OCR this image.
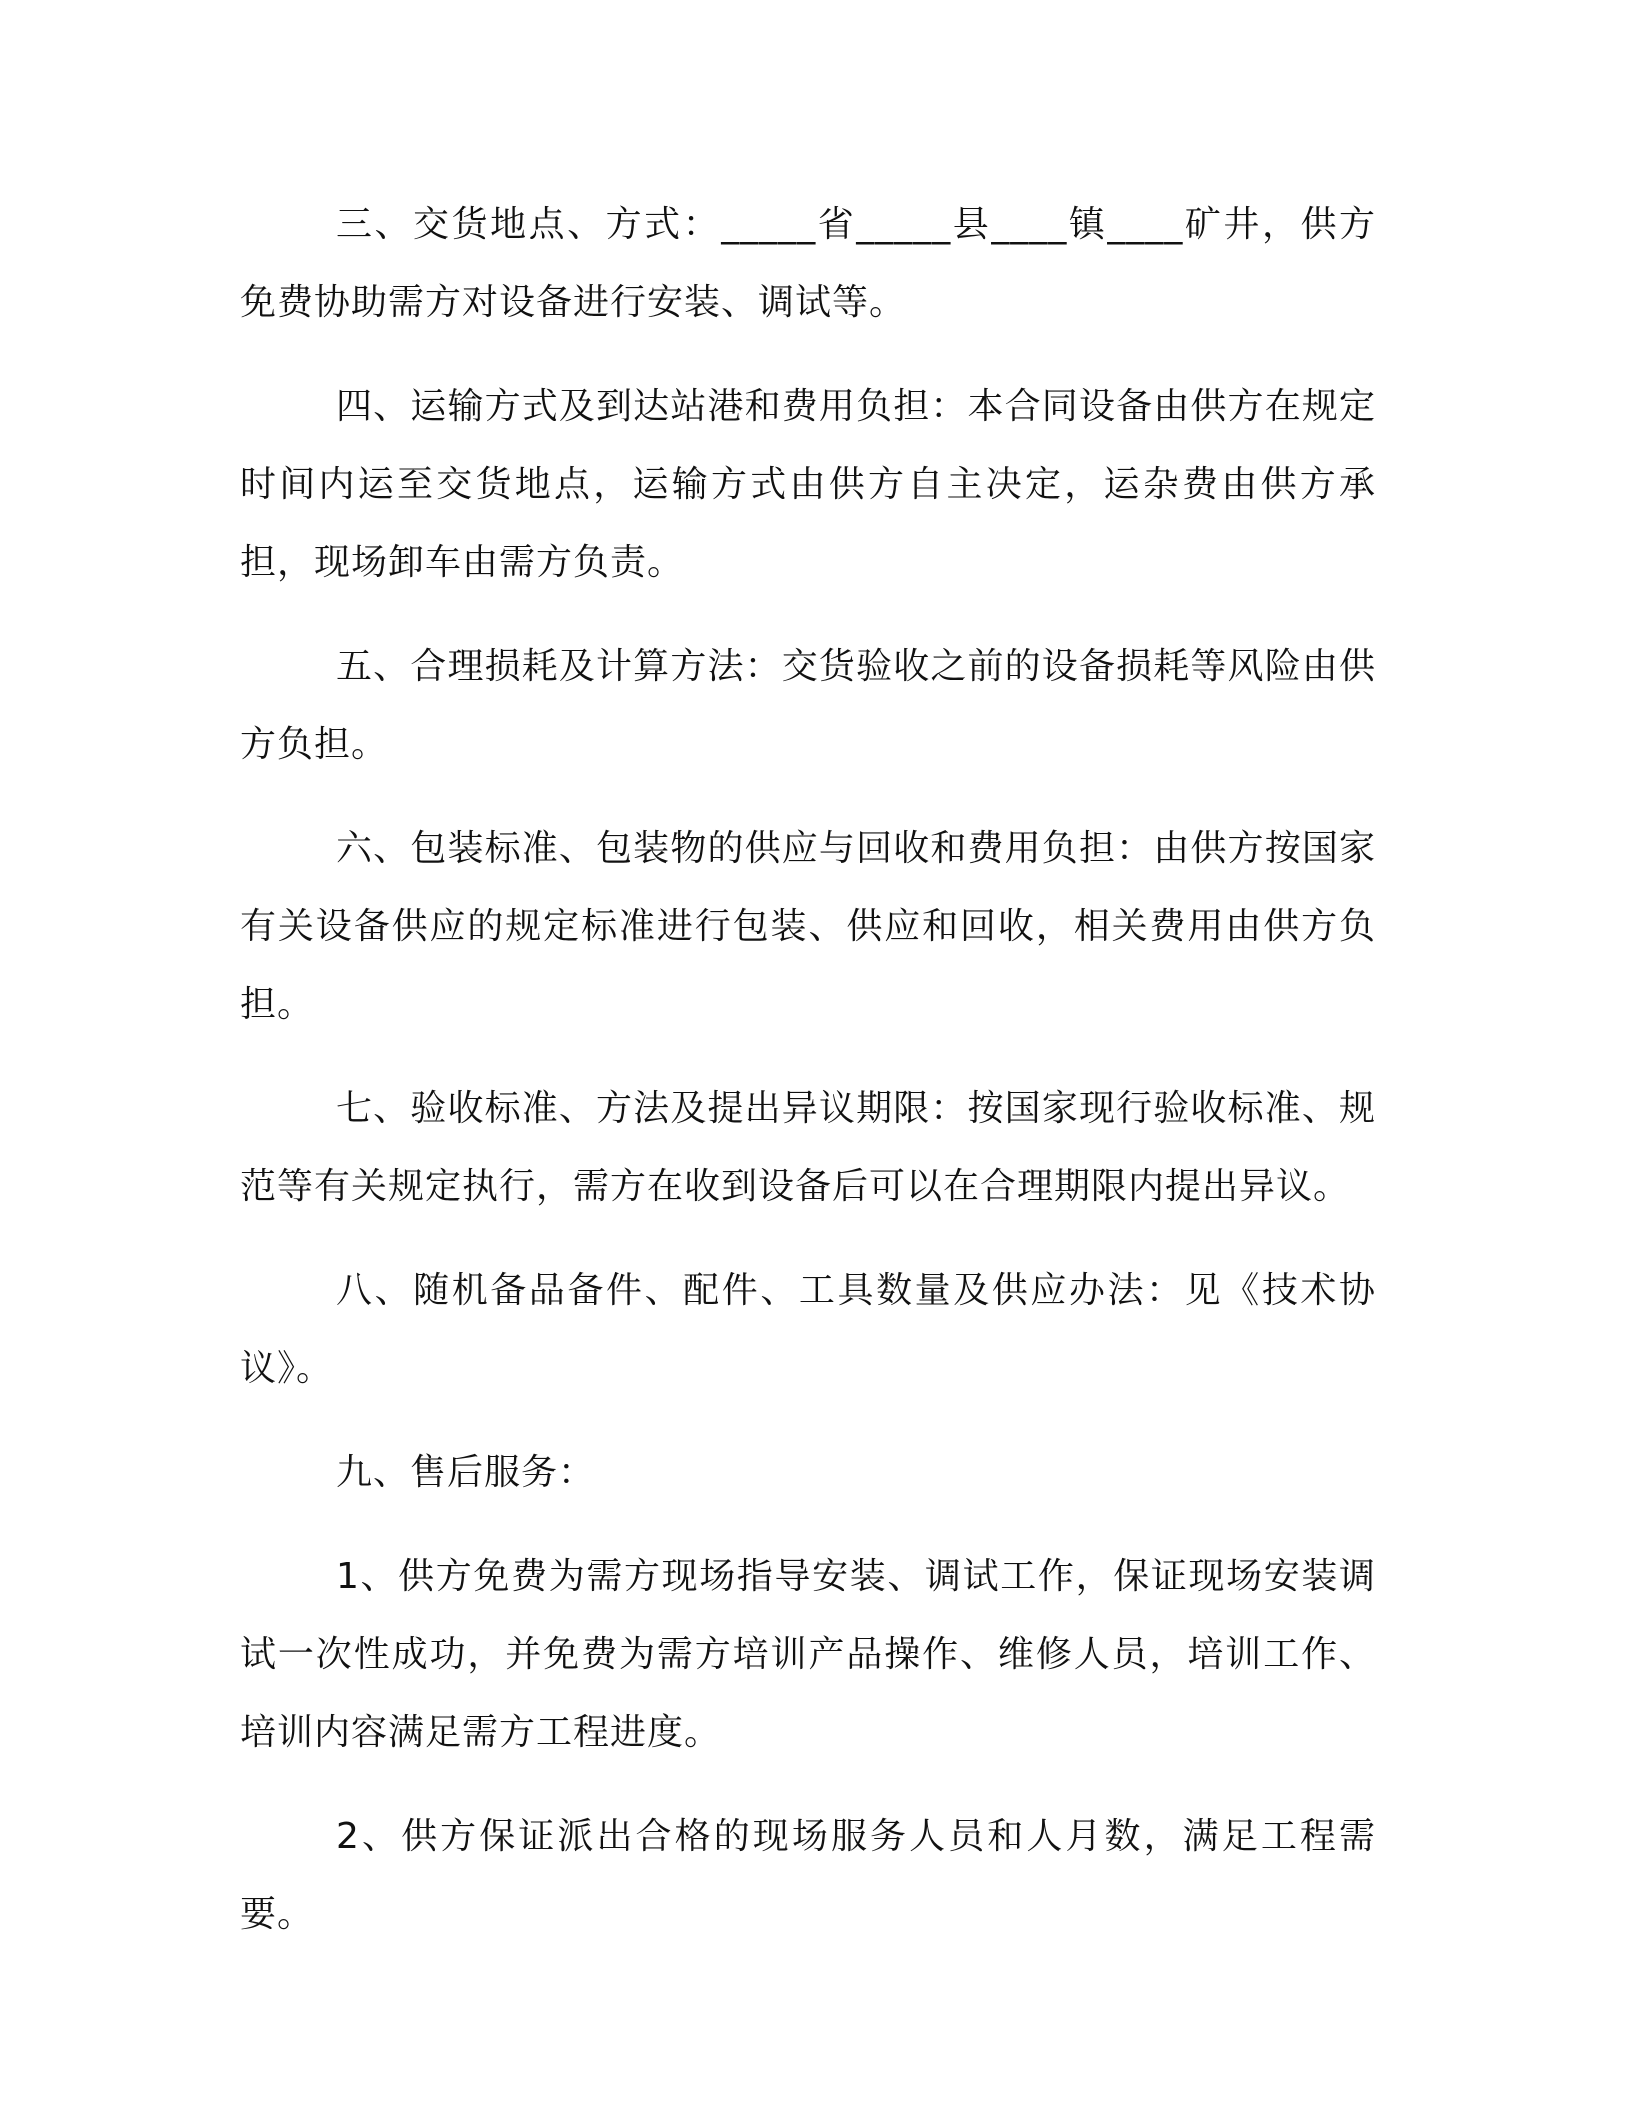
三、交货地点、方式：_____省_____县____镇____矿井，供方免费协助需方对设备进行安装、调试等。

四、运输方式及到达站港和费用负担：本合同设备由供方在规定时间内运至交货地点，运输方式由供方自主决定，运杂费由供方承担，现场卸车由需方负责。

五、合理损耗及计算方法：交货验收之前的设备损耗等风险由供方负担。

六、包装标准、包装物的供应与回收和费用负担：由供方按国家有关设备供应的规定标准进行包装、供应和回收，相关费用由供方负担。

七、验收标准、方法及提出异议期限：按国家现行验收标准、规范等有关规定执行，需方在收到设备后可以在合理期限内提出异议。

八、随机备品备件、配件、工具数量及供应办法：见《技术协议》。

九、售后服务：

1、供方免费为需方现场指导安装、调试工作，保证现场安装调试一次性成功，并免费为需方培训产品操作、维修人员，培训工作、培训内容满足需方工程进度。

2、供方保证派出合格的现场服务人员和人月数，满足工程需要。
